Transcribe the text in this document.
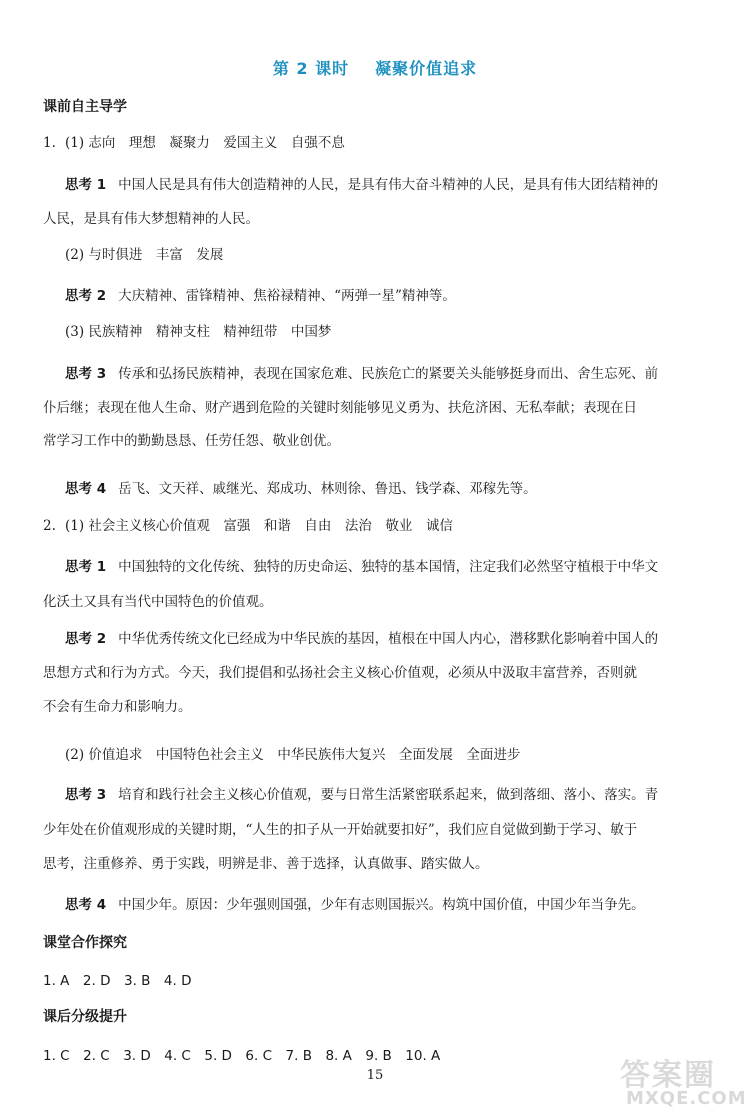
第 2 课时 凝聚价值追求
课前自主导学
1. (1) 志向　理想　凝聚力　爱国主义　自强不息
思考 1 中国人民是具有伟大创造精神的人民，是具有伟大奋斗精神的人民，是具有伟大团结精神的
人民，是具有伟大梦想精神的人民。
(2) 与时俱进　丰富　发展
思考 2 大庆精神、雷锋精神、焦裕禄精神、“两弹一星”精神等。
(3) 民族精神　精神支柱　精神纽带　中国梦
思考 3 传承和弘扬民族精神，表现在国家危难、民族危亡的紧要关头能够挺身而出、舍生忘死、前
仆后继；表现在他人生命、财产遇到危险的关键时刻能够见义勇为、扶危济困、无私奉献；表现在日
常学习工作中的勤勤恳恳、任劳任怨、敬业创优。
思考 4 岳飞、文天祥、戚继光、郑成功、林则徐、鲁迅、钱学森、邓稼先等。
2. (1) 社会主义核心价值观　富强　和谐　自由　法治　敬业　诚信
思考 1 中国独特的文化传统、独特的历史命运、独特的基本国情，注定我们必然坚守植根于中华文
化沃土又具有当代中国特色的价值观。
思考 2 中华优秀传统文化已经成为中华民族的基因，植根在中国人内心，潜移默化影响着中国人的
思想方式和行为方式。今天，我们提倡和弘扬社会主义核心价值观，必须从中汲取丰富营养，否则就
不会有生命力和影响力。
(2) 价值追求　中国特色社会主义　中华民族伟大复兴　全面发展　全面进步
思考 3 培育和践行社会主义核心价值观，要与日常生活紧密联系起来，做到落细、落小、落实。青
少年处在价值观形成的关键时期，“人生的扣子从一开始就要扣好”，我们应自觉做到勤于学习、敏于
思考，注重修养、勇于实践，明辨是非、善于选择，认真做事、踏实做人。
思考 4 中国少年。原因：少年强则国强，少年有志则国振兴。构筑中国价值，中国少年当争先。
课堂合作探究
1. A　2. D　3. B　4. D
课后分级提升
1. C　2. C　3. D　4. C　5. D　6. C　7. B　8. A　9. B　10. A
15	答案圈
MXQE.COM
